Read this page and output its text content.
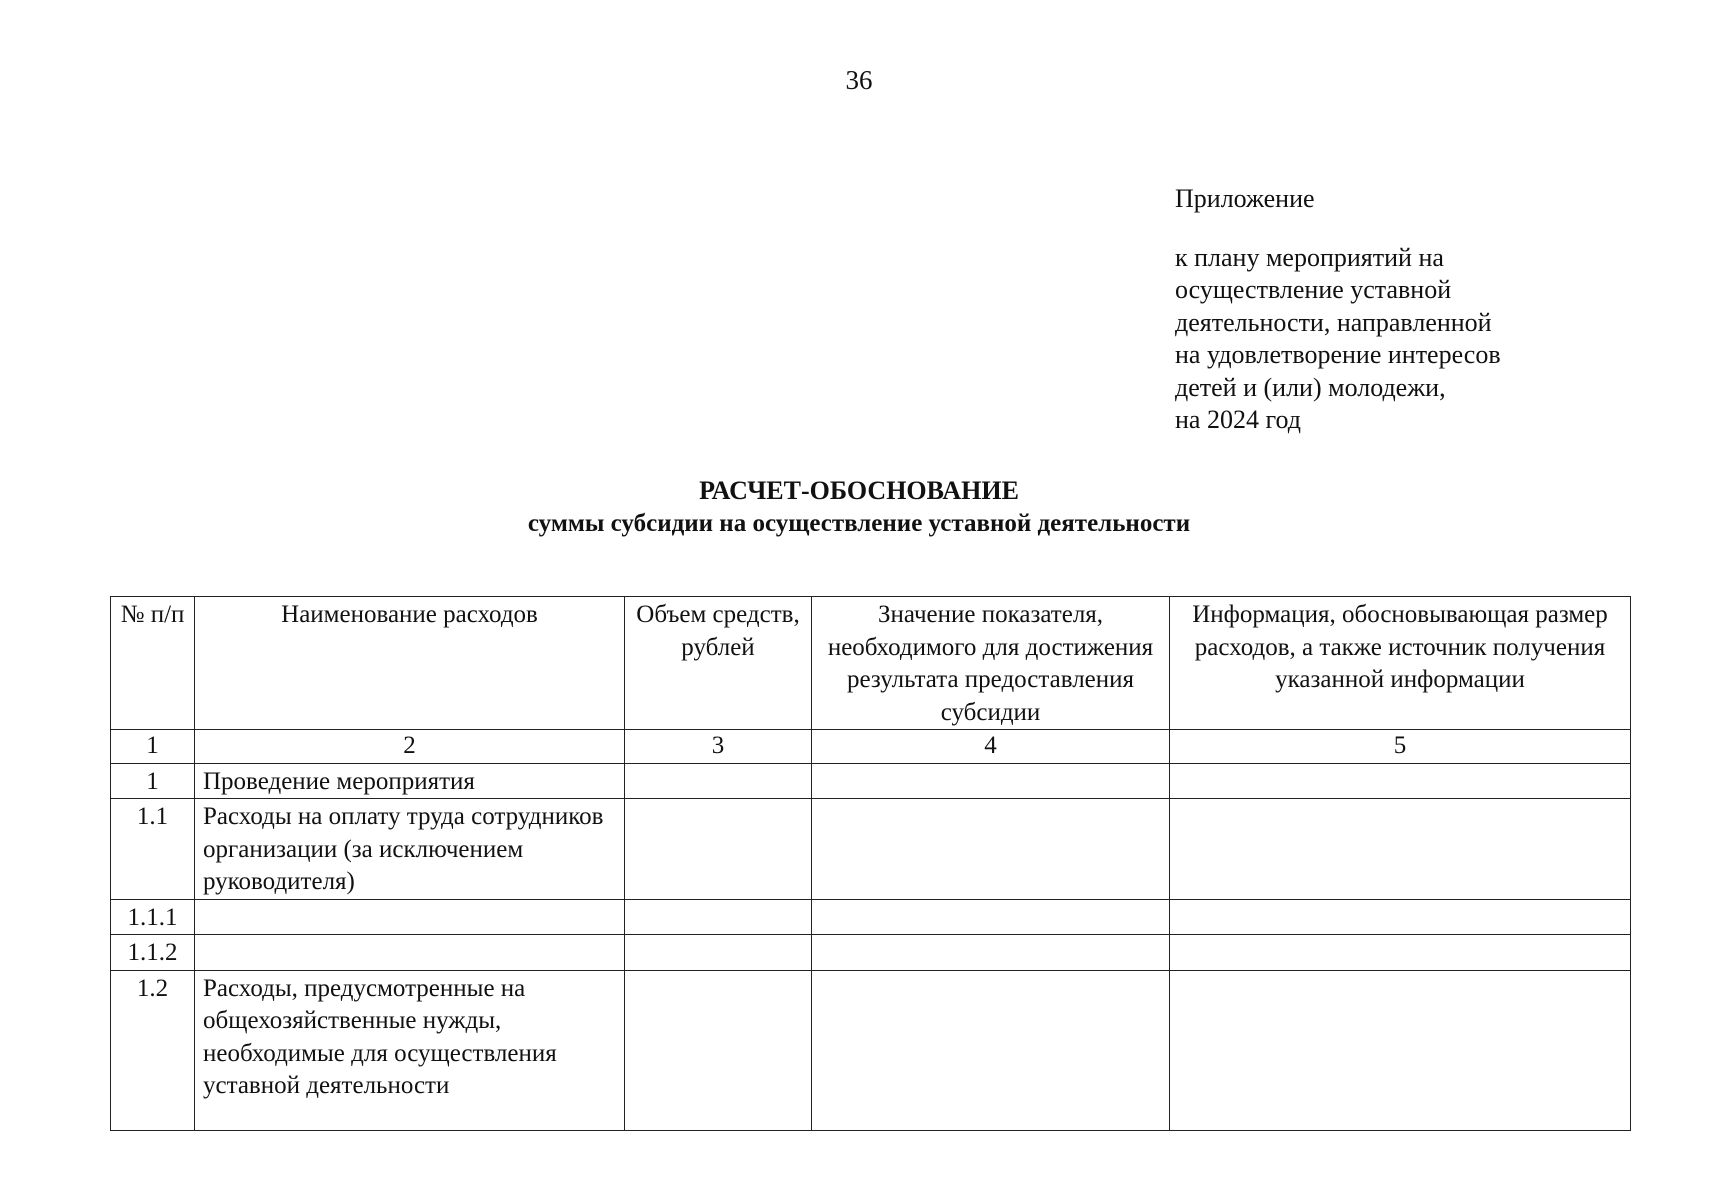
36
Приложение
к плану мероприятий на
осуществление уставной
деятельности, направленной
на удовлетворение интересов
детей и (или) молодежи,
на 2024 год
РАСЧЕТ-ОБОСНОВАНИЕ
суммы субсидии на осуществление уставной деятельности
№ п/п	Наименование расходов	Объем средств, рублей	Значение показателя, необходимого для достижения результата предоставления субсидии	Информация, обосновывающая размер расходов, а также источник получения указанной информации
1	2	3	4	5
1	Проведение мероприятия			
1.1	Расходы на оплату труда сотрудников организации (за исключением руководителя)			
1.1.1				
1.1.2				
1.2	Расходы, предусмотренные на общехозяйственные нужды, необходимые для осуществления уставной деятельности			
